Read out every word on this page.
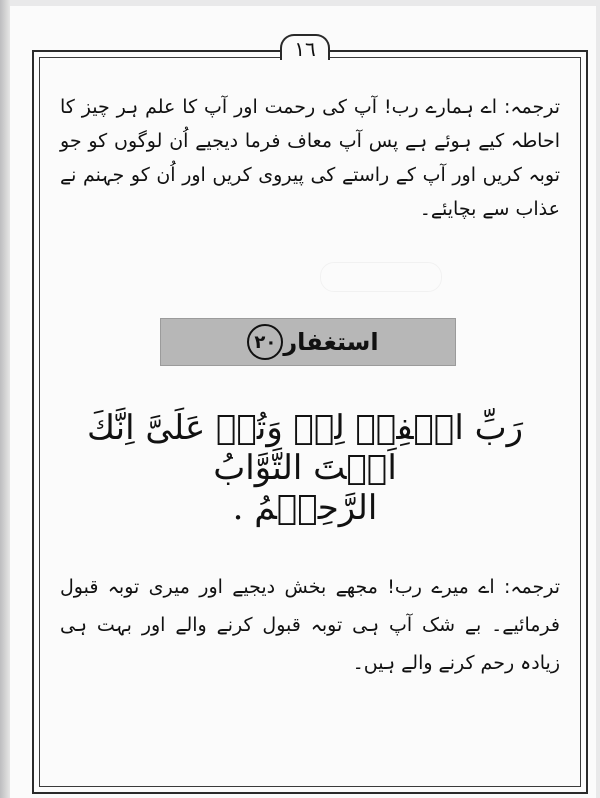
١٦
ترجمہ: اے ہمارے رب! آپ کی رحمت اور آپ کا علم ہر چیز کا احاطہ کیے ہوئے ہے پس آپ معاف فرما دیجیے اُن لوگوں کو جو توبہ کریں اور آپ کے راستے کی پیروی کریں اور اُن کو جہنم نے عذاب سے بچایئے۔
٢٠ استغفار
رَبِّ اغۡفِرۡ لِیۡ وَتُبۡ عَلَیَّ اِنَّكَ اَنۡتَ التَّوَّابُ
الرَّحِیۡمُ .
ترجمہ: اے میرے رب! مجھے بخش دیجیے اور میری توبہ قبول فرمائیے۔ بے شک آپ ہی توبہ قبول کرنے والے اور بہت ہی زیادہ رحم کرنے والے ہیں۔
